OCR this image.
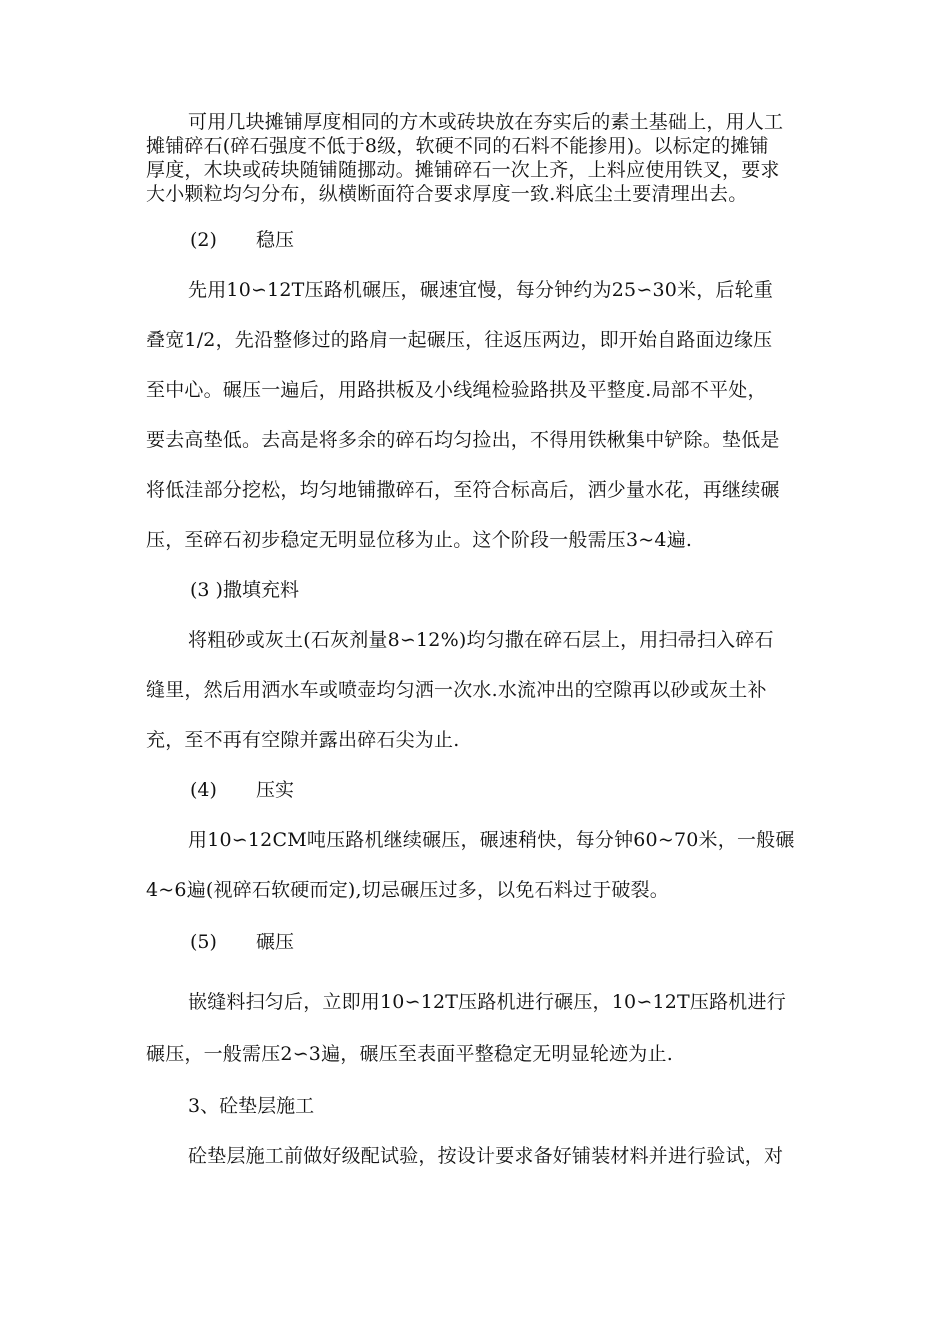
可用几块摊铺厚度相同的方木或砖块放在夯实后的素土基础上，用人工
摊铺碎石(碎石强度不低于8级，软硬不同的石料不能掺用)。以标定的摊铺
厚度，木块或砖块随铺随挪动。摊铺碎石一次上齐，上料应使用铁叉，要求
大小颗粒均匀分布，纵横断面符合要求厚度一致.料底尘土要清理出去。
(2) 稳压
先用10∽12T压路机碾压，碾速宜慢，每分钟约为25∽30米，后轮重
叠宽1/2，先沿整修过的路肩一起碾压，往返压两边，即开始自路面边缘压
至中心。碾压一遍后，用路拱板及小线绳检验路拱及平整度.局部不平处，
要去高垫低。去高是将多余的碎石均匀捡出，不得用铁楸集中铲除。垫低是
将低洼部分挖松，均匀地铺撒碎石，至符合标高后，洒少量水花，再继续碾
压，至碎石初步稳定无明显位移为止。这个阶段一般需压3~4遍.
(3 )撒填充料
将粗砂或灰土(石灰剂量8∽12%)均匀撒在碎石层上，用扫帚扫入碎石
缝里，然后用洒水车或喷壶均匀洒一次水.水流冲出的空隙再以砂或灰土补
充，至不再有空隙并露出碎石尖为止.
(4) 压实
用10∽12CM吨压路机继续碾压，碾速稍快，每分钟60~70米，一般碾
4~6遍(视碎石软硬而定),切忌碾压过多，以免石料过于破裂。
(5) 碾压
嵌缝料扫匀后，立即用10∽12T压路机进行碾压，10∽12T压路机进行
碾压，一般需压2∽3遍，碾压至表面平整稳定无明显轮迹为止.
3、砼垫层施工
砼垫层施工前做好级配试验，按设计要求备好铺装材料并进行验试，对
